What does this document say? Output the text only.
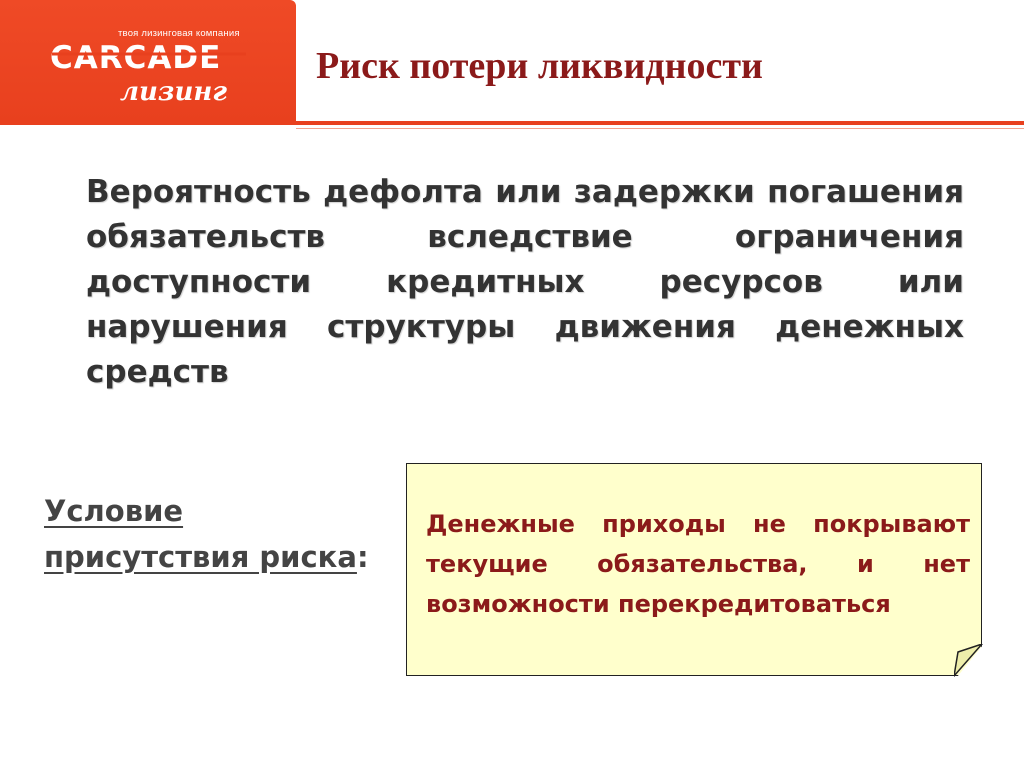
твоя лизинговая компания
CARCADE
лизинг
Риск потери ликвидности
Вероятность дефолта или задержки погашения обязательств вследствие ограничения доступности кредитных ресурсов или нарушения структуры движения денежных средств
Условие
присутствия риска:
Денежные приходы не покрывают текущие обязательства, и нет возможности перекредитоваться
